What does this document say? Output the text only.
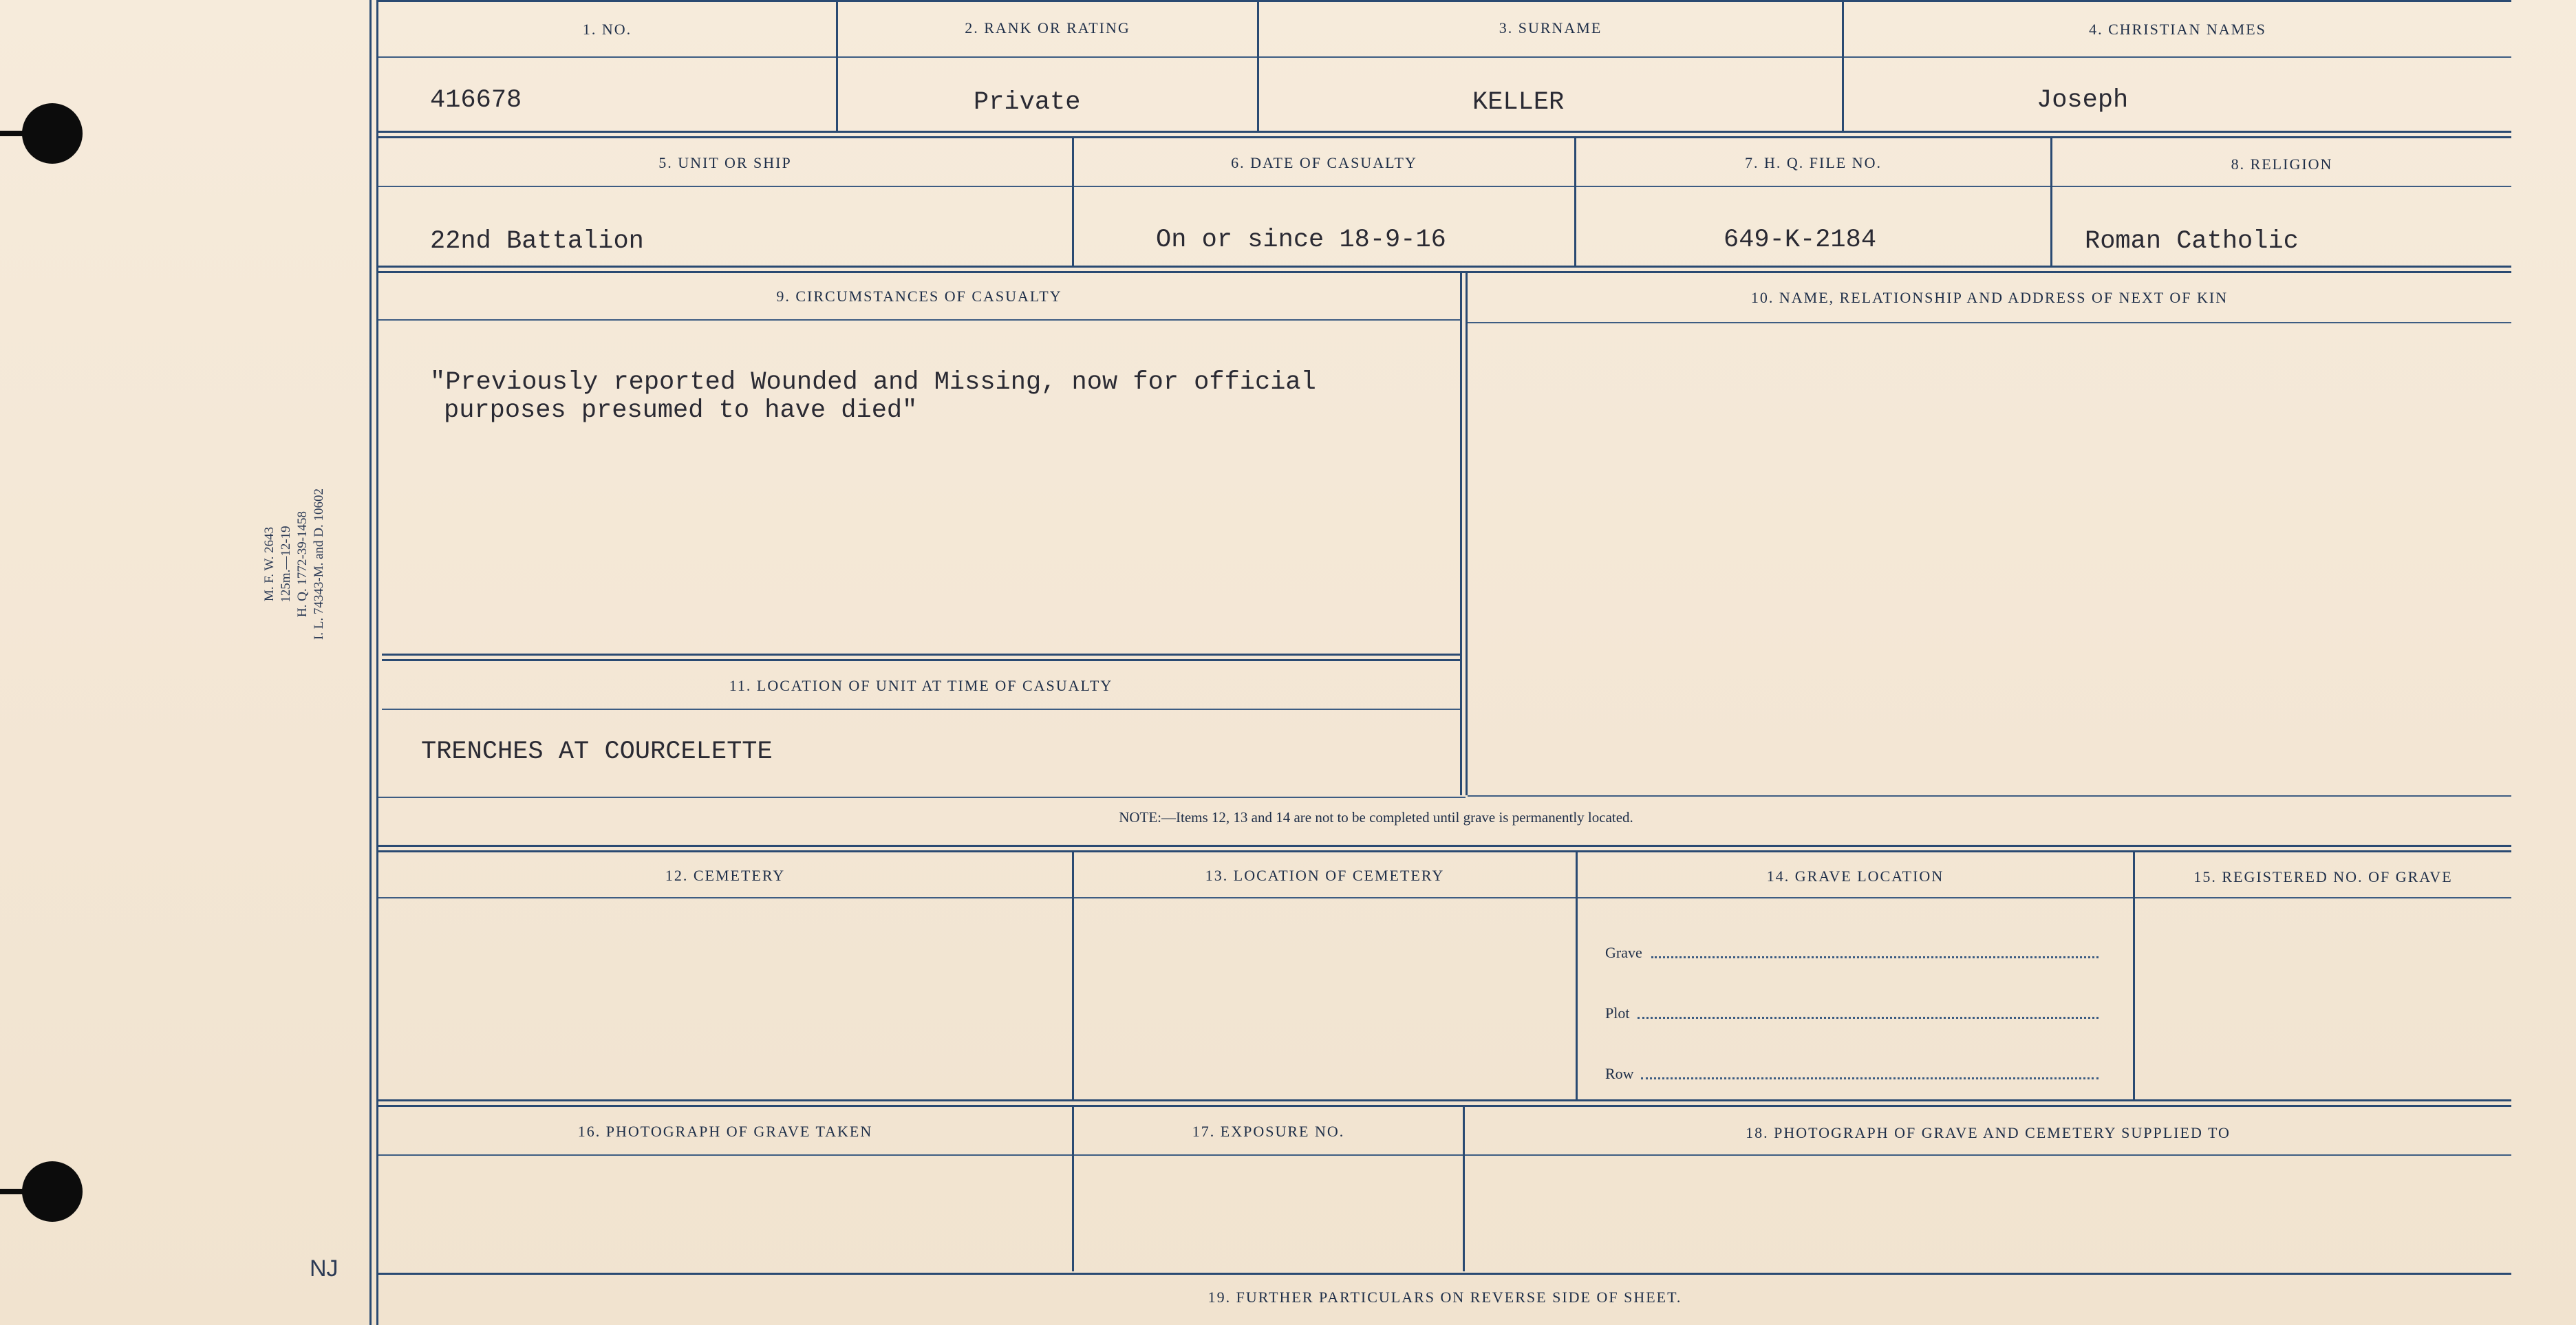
M. F. W. 2643 125m.—12-19 H. Q. 1772-39-1458 I. L. 74343-M. and D. 10602
NJ
1. NO.	2. RANK OR RATING	3. SURNAME	4. CHRISTIAN NAMES
416678	Private	KELLER	Joseph
5. UNIT OR SHIP	6. DATE OF CASUALTY	7. H. Q. FILE NO.	8. RELIGION
22nd Battalion	On or since 18-9-16	649-K-2184	Roman Catholic
9. CIRCUMSTANCES OF CASUALTY	10. NAME, RELATIONSHIP AND ADDRESS OF NEXT OF KIN
"Previously reported Wounded and Missing, now for official
purposes presumed to have died"
11. LOCATION OF UNIT AT TIME OF CASUALTY
TRENCHES AT COURCELETTE
NOTE:—Items 12, 13 and 14 are not to be completed until grave is permanently located.
12. CEMETERY	13. LOCATION OF CEMETERY	14. GRAVE LOCATION	15. REGISTERED NO. OF GRAVE
Grave
Plot
Row
16. PHOTOGRAPH OF GRAVE TAKEN	17. EXPOSURE NO.	18. PHOTOGRAPH OF GRAVE AND CEMETERY SUPPLIED TO
19. FURTHER PARTICULARS ON REVERSE SIDE OF SHEET.
